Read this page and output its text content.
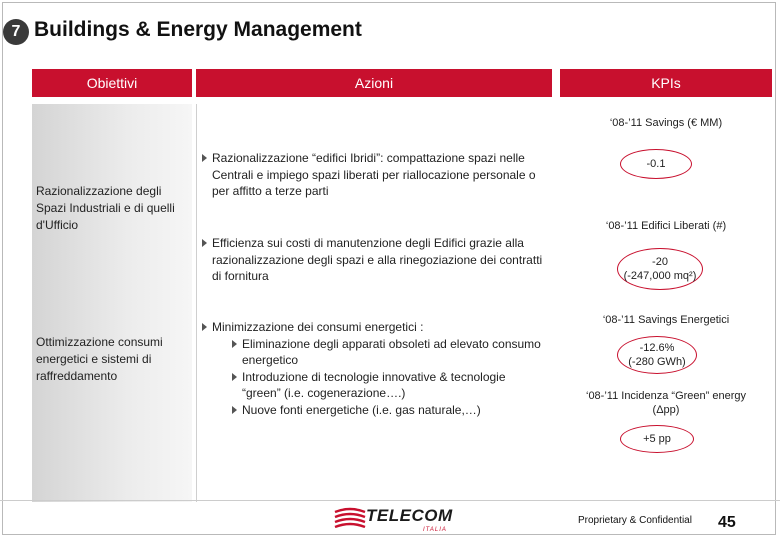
7 Buildings & Energy Management
Obiettivi	Azioni	KPIs
Razionalizzazione degli Spazi Industriali e di quelli d'Ufficio
Ottimizzazione consumi energetici e sistemi di raffreddamento
Razionalizzazione “edifici Ibridi”: compattazione spazi nelle Centrali e impiego spazi liberati per riallocazione personale o per affitto a terze parti
Efficienza sui costi di manutenzione degli Edifici grazie alla razionalizzazione degli spazi e alla rinegoziazione dei contratti di fornitura
Minimizzazione dei consumi energetici :
Eliminazione degli apparati obsoleti ad elevato consumo energetico
Introduzione di tecnologie innovative & tecnologie “green” (i.e. cogenerazione….)
Nuove fonti energetiche (i.e. gas naturale,…)
‘08-’11 Savings (€ MM)
-0.1
‘08-’11 Edifici Liberati (#)
-20
(-247,000 mq²)
‘08-’11 Savings Energetici
-12.6%
(-280 GWh)
‘08-’11 Incidenza “Green” energy
(Δpp)
+5 pp
TELECOM
ITALIA
Proprietary & Confidential 45
